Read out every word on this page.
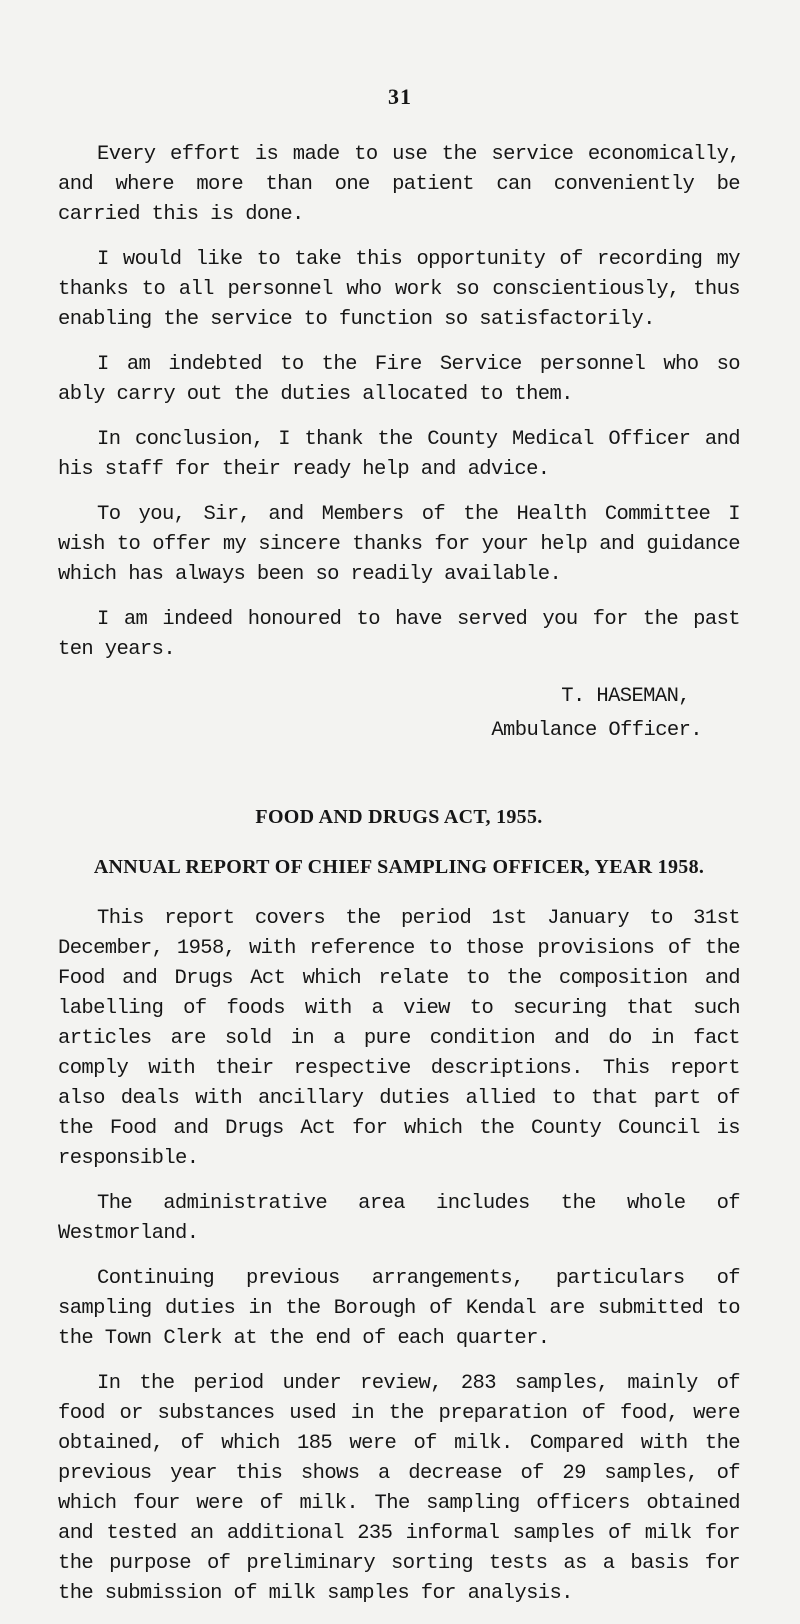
31

Every effort is made to use the service economically, and where more than one patient can conveniently be carried this is done.

I would like to take this opportunity of recording my thanks to all personnel who work so conscientiously, thus enabling the service to function so satisfactorily.

I am indebted to the Fire Service personnel who so ably carry out the duties allocated to them.

In conclusion, I thank the County Medical Officer and his staff for their ready help and advice.

To you, Sir, and Members of the Health Committee I wish to offer my sincere thanks for your help and guidance which has always been so readily available.

I am indeed honoured to have served you for the past ten years.

T. HASEMAN,
Ambulance Officer.
FOOD AND DRUGS ACT, 1955.
ANNUAL REPORT OF CHIEF SAMPLING OFFICER, YEAR 1958.

This report covers the period 1st January to 31st December, 1958, with reference to those provisions of the Food and Drugs Act which relate to the composition and labelling of foods with a view to securing that such articles are sold in a pure condition and do in fact comply with their respective descriptions. This report also deals with ancillary duties allied to that part of the Food and Drugs Act for which the County Council is responsible.

The administrative area includes the whole of Westmorland.

Continuing previous arrangements, particulars of sampling duties in the Borough of Kendal are submitted to the Town Clerk at the end of each quarter.

In the period under review, 283 samples, mainly of food or substances used in the preparation of food, were obtained, of which 185 were of milk. Compared with the previous year this shows a decrease of 29 samples, of which four were of milk. The sampling officers obtained and tested an additional 235 informal samples of milk for the purpose of preliminary sorting tests as a basis for the submission of milk samples for analysis.
